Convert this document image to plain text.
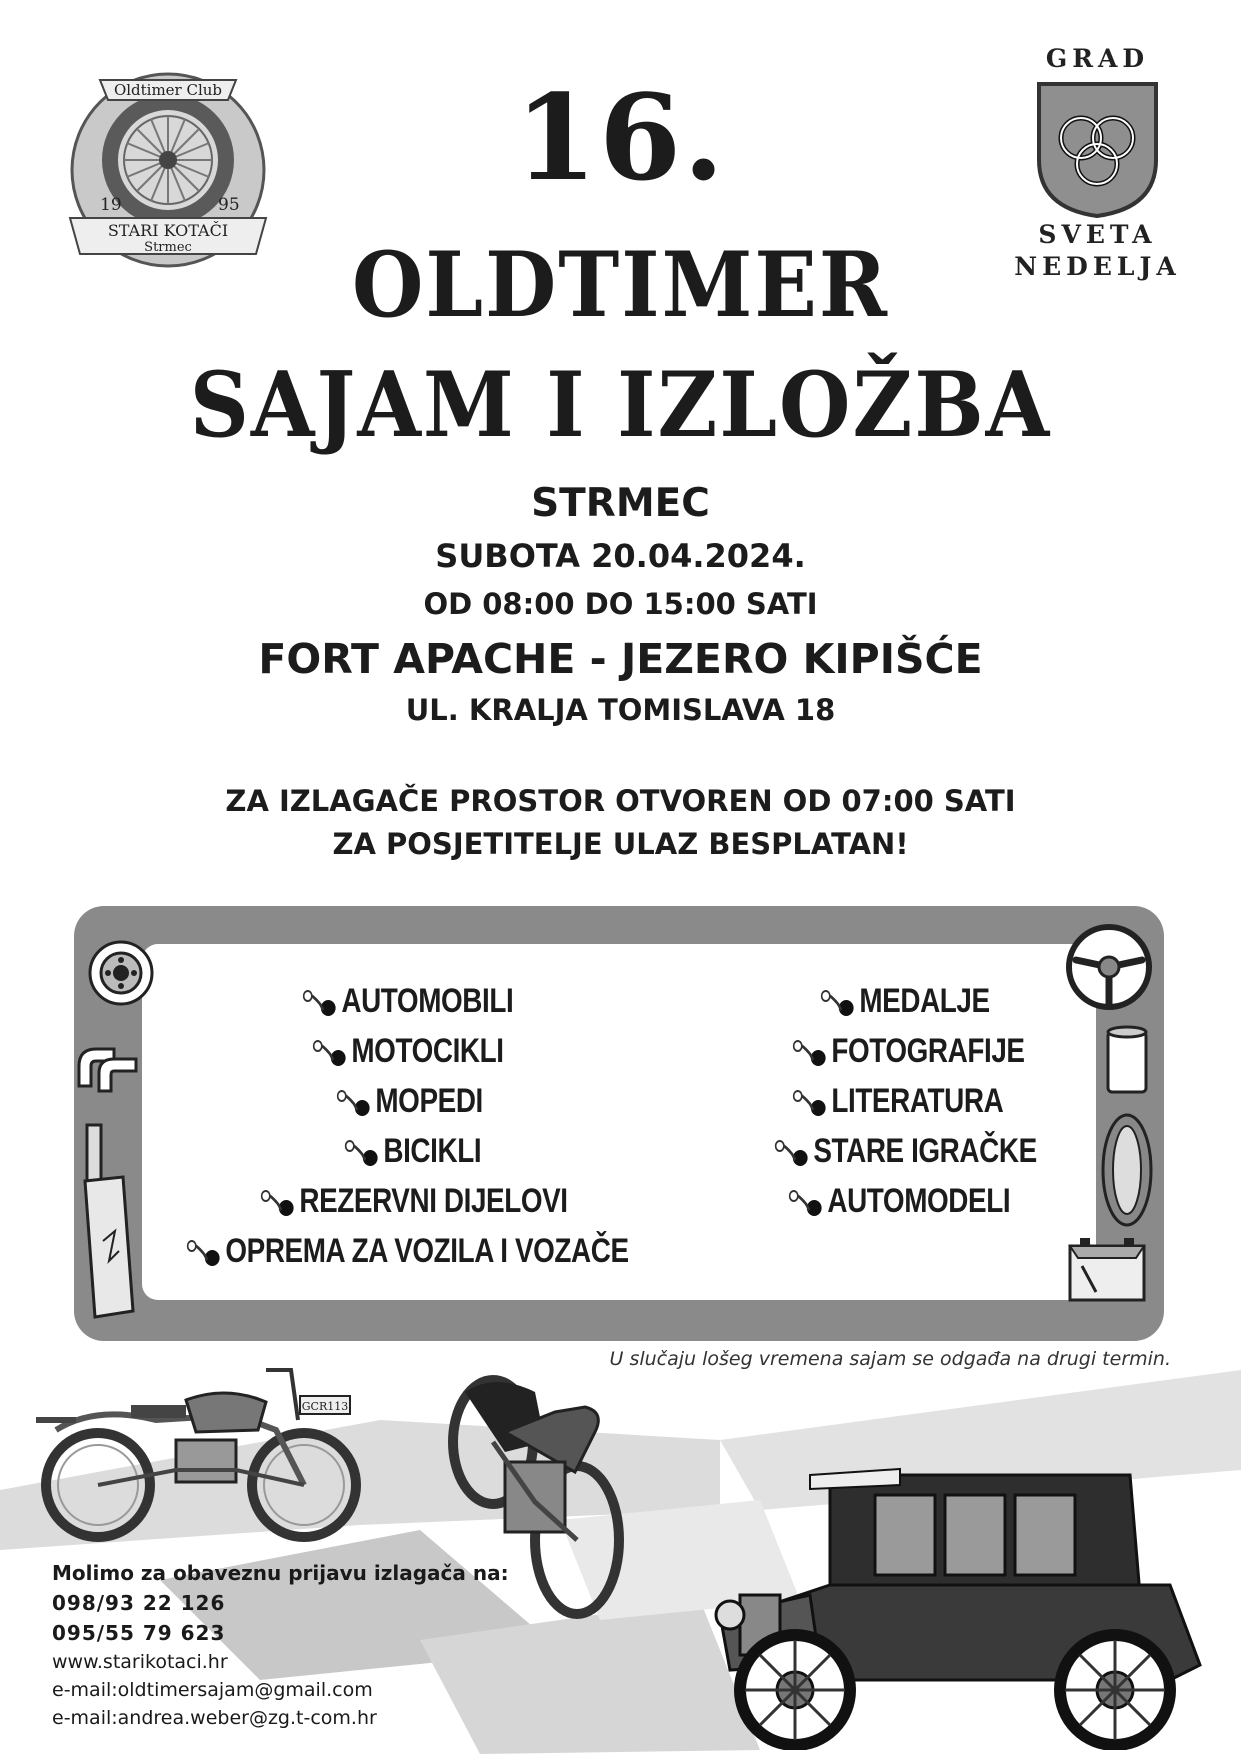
Oldtimer Club
19	95
STARI KOTAČI
Strmec
GRAD
SVETA
NEDELJA
16.
OLDTIMER
SAJAM I IZLOŽBA
STRMEC
SUBOTA 20.04.2024.
OD 08:00 DO 15:00 SATI
FORT APACHE - JEZERO KIPIŠĆE
UL. KRALJA TOMISLAVA 18
ZA IZLAGAČE PROSTOR OTVOREN OD 07:00 SATI
ZA POSJETITELJE ULAZ BESPLATAN!
AUTOMOBILI
MOTOCIKLI
MOPEDI
BICIKLI
REZERVNI DIJELOVI
OPREMA ZA VOZILA I VOZAČE
MEDALJE
FOTOGRAFIJE
LITERATURA
STARE IGRAČKE
AUTOMODELI
U slučaju lošeg vremena sajam se odgađa na drugi termin.
GCR113
Molimo za obaveznu prijavu izlagača na:
098/93 22 126
095/55 79 623
www.starikotaci.hr
e-mail:oldtimersajam@gmail.com
e-mail:andrea.weber@zg.t-com.hr
